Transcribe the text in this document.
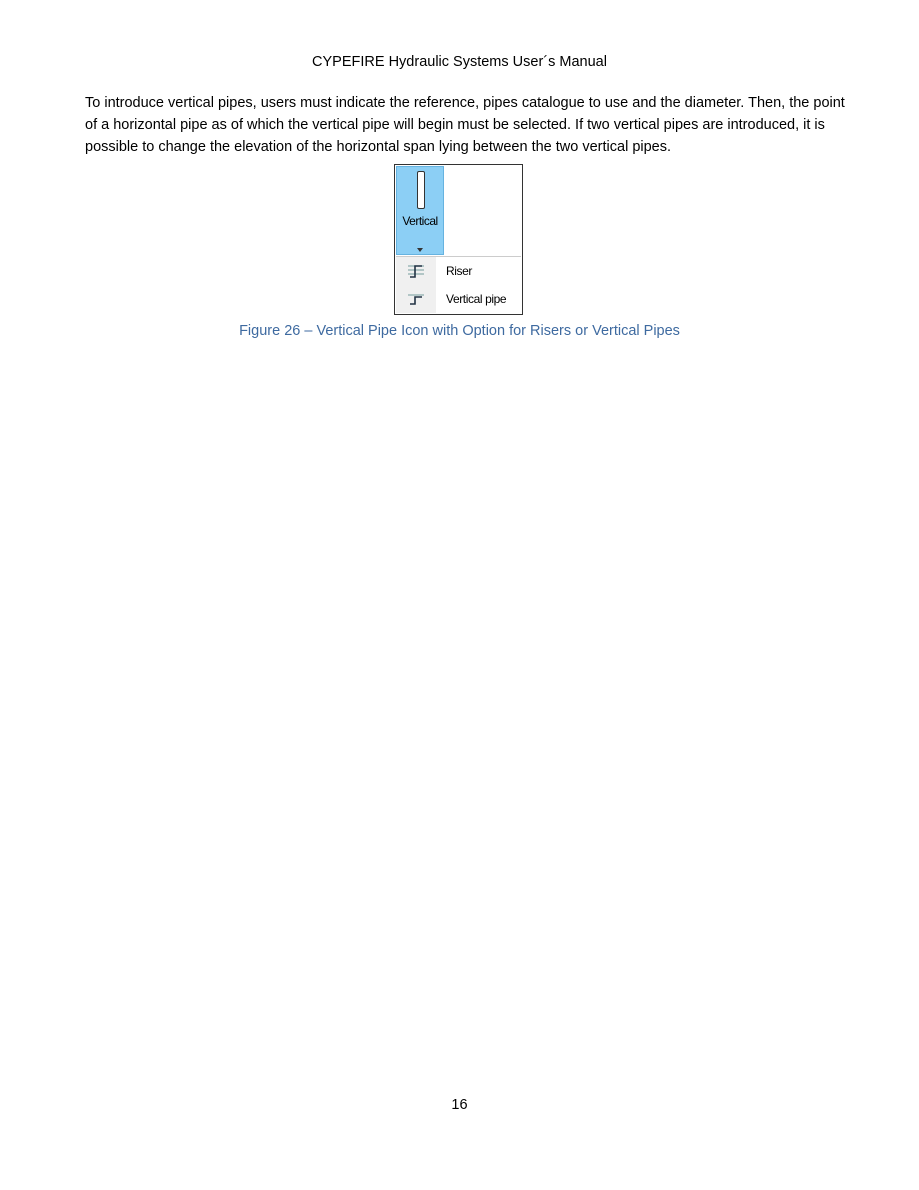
CYPEFIRE Hydraulic Systems User´s Manual
To introduce vertical pipes, users must indicate the reference, pipes catalogue to use and the diameter. Then, the point of a horizontal pipe as of which the vertical pipe will begin must be selected. If two vertical pipes are introduced, it is possible to change the elevation of the horizontal span lying between the two vertical pipes.
Vertical
Riser
Vertical pipe
Figure 26 – Vertical Pipe Icon with Option for Risers or Vertical Pipes
16
